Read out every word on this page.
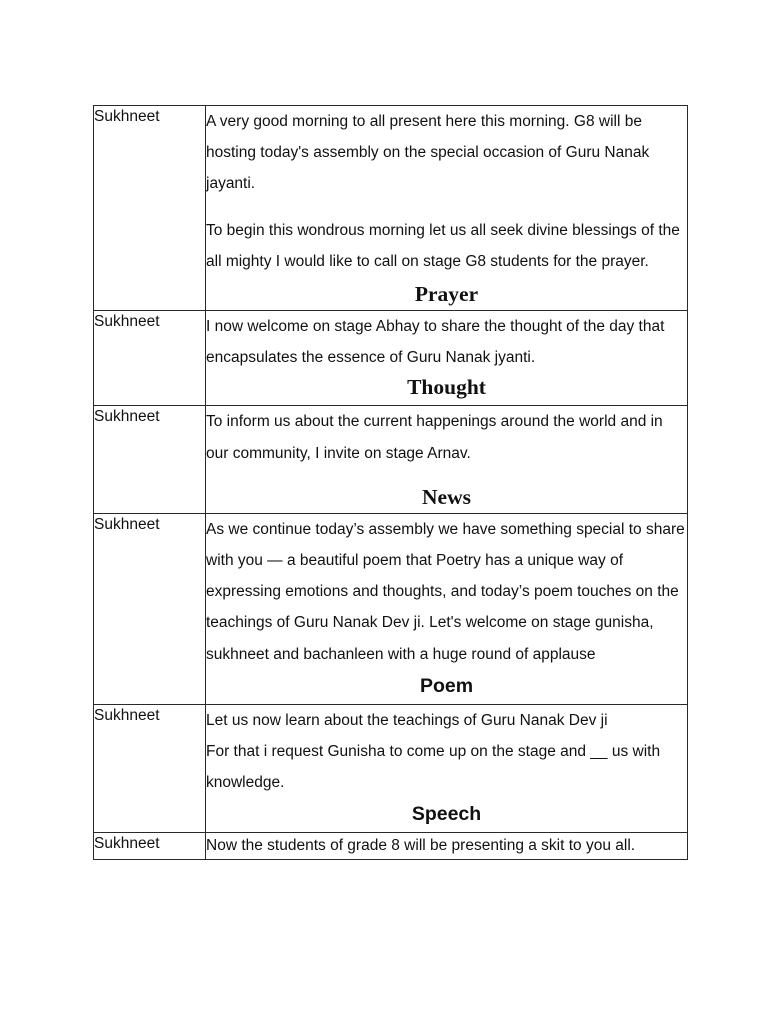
Sukhneet	A very good morning to all present here this morning. G8 will be hosting today's assembly on the special occasion of Guru Nanak jayanti.

To begin this wondrous morning let us all seek divine blessings of the all mighty I would like to call on stage G8 students for the prayer.

Prayer

Sukhneet	I now welcome on stage Abhay to share the thought of the day that encapsulates the essence of Guru Nanak jyanti.

Thought

Sukhneet	To inform us about the current happenings around the world and in our community, I invite on stage Arnav.

News

Sukhneet	As we continue today’s assembly we have something special to share with you — a beautiful poem that Poetry has a unique way of expressing emotions and thoughts, and today’s poem touches on the teachings of Guru Nanak Dev ji. Let's welcome on stage gunisha, sukhneet and bachanleen with a huge round of applause

Poem

Sukhneet	Let us now learn about the teachings of Guru Nanak Dev ji

For that i request Gunisha to come up on the stage and __ us with knowledge.

Speech

Sukhneet	Now the students of grade 8 will be presenting a skit to you all.
